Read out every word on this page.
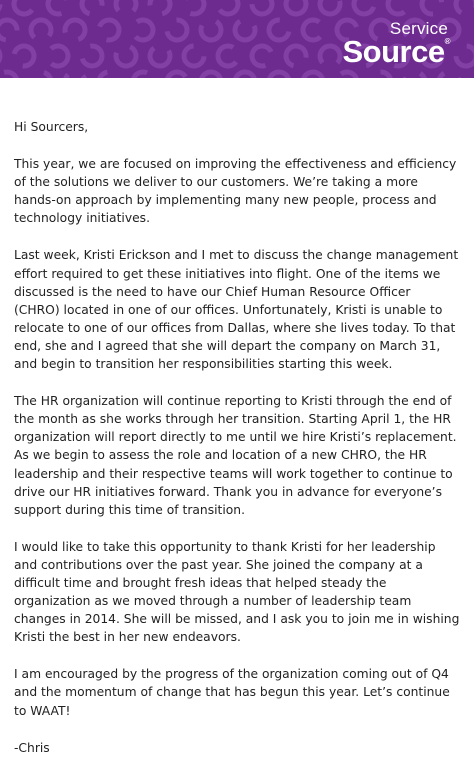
Service
Source®

Hi Sourcers,

This year, we are focused on improving the effectiveness and efficiency of the solutions we deliver to our customers. We’re taking a more hands-on approach by implementing many new people, process and technology initiatives.

Last week, Kristi Erickson and I met to discuss the change management effort required to get these initiatives into flight. One of the items we discussed is the need to have our Chief Human Resource Officer (CHRO) located in one of our offices. Unfortunately, Kristi is unable to relocate to one of our offices from Dallas, where she lives today. To that end, she and I agreed that she will depart the company on March 31, and begin to transition her responsibilities starting this week.

The HR organization will continue reporting to Kristi through the end of the month as she works through her transition. Starting April 1, the HR organization will report directly to me until we hire Kristi’s replacement. As we begin to assess the role and location of a new CHRO, the HR leadership and their respective teams will work together to continue to drive our HR initiatives forward. Thank you in advance for everyone’s support during this time of transition.

I would like to take this opportunity to thank Kristi for her leadership and contributions over the past year. She joined the company at a difficult time and brought fresh ideas that helped steady the organization as we moved through a number of leadership team changes in 2014. She will be missed, and I ask you to join me in wishing Kristi the best in her new endeavors.

I am encouraged by the progress of the organization coming out of Q4 and the momentum of change that has begun this year. Let’s continue to WAAT!

-Chris
